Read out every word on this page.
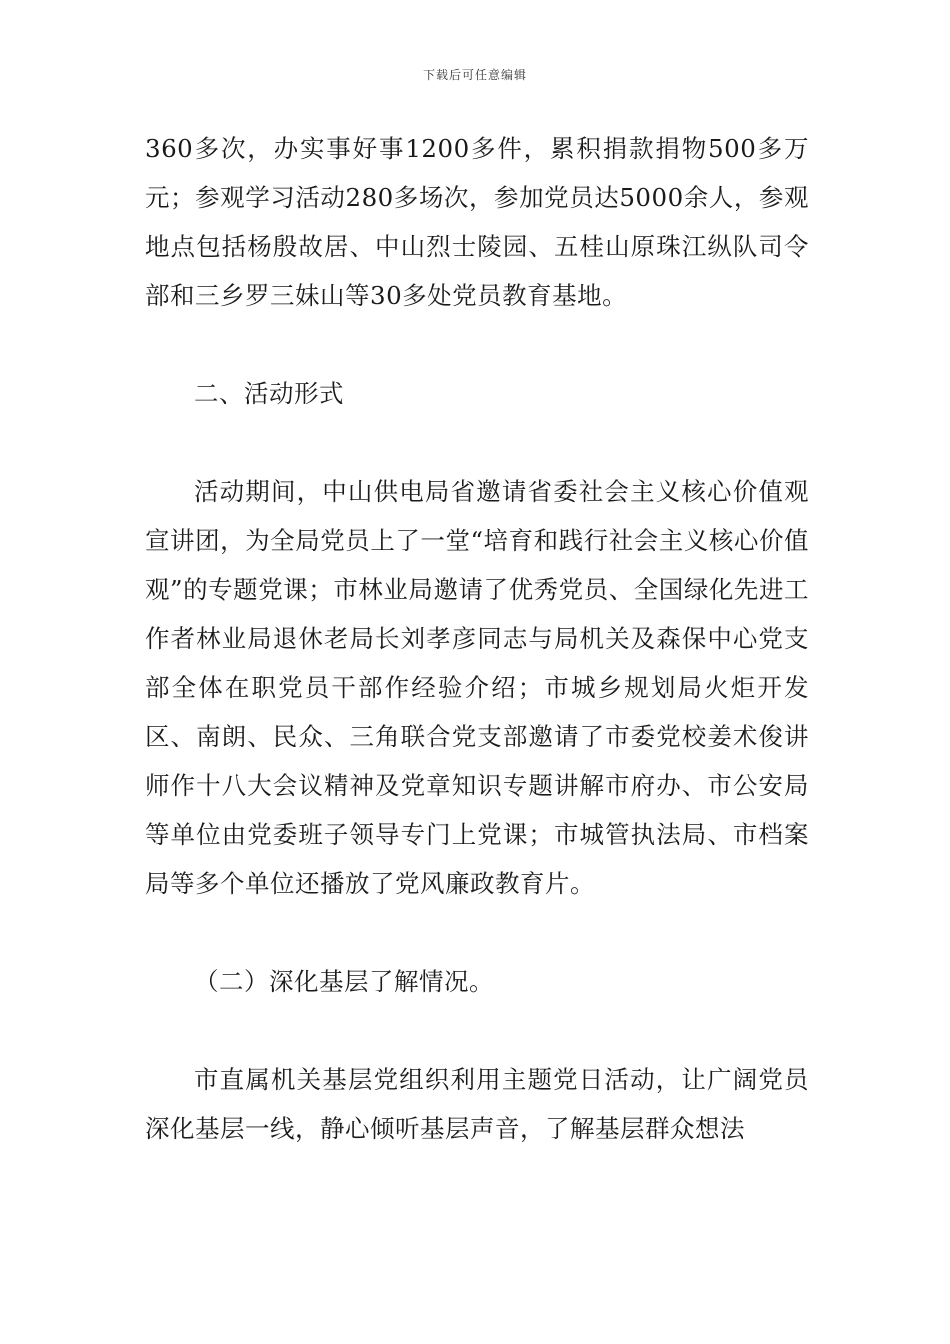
下载后可任意编辑

360多次，办实事好事1200多件，累积捐款捐物500多万元；参观学习活动280多场次，参加党员达5000余人，参观地点包括杨殷故居、中山烈士陵园、五桂山原珠江纵队司令部和三乡罗三妹山等30多处党员教育基地。

二、活动形式

活动期间，中山供电局省邀请省委社会主义核心价值观宣讲团，为全局党员上了一堂“培育和践行社会主义核心价值观”的专题党课；市林业局邀请了优秀党员、全国绿化先进工作者林业局退休老局长刘孝彦同志与局机关及森保中心党支部全体在职党员干部作经验介绍；市城乡规划局火炬开发区、南朗、民众、三角联合党支部邀请了市委党校姜术俊讲师作十八大会议精神及党章知识专题讲解市府办、市公安局等单位由党委班子领导专门上党课；市城管执法局、市档案局等多个单位还播放了党风廉政教育片。

（二）深化基层了解情况。

市直属机关基层党组织利用主题党日活动，让广阔党员深化基层一线，静心倾听基层声音，了解基层群众想法
